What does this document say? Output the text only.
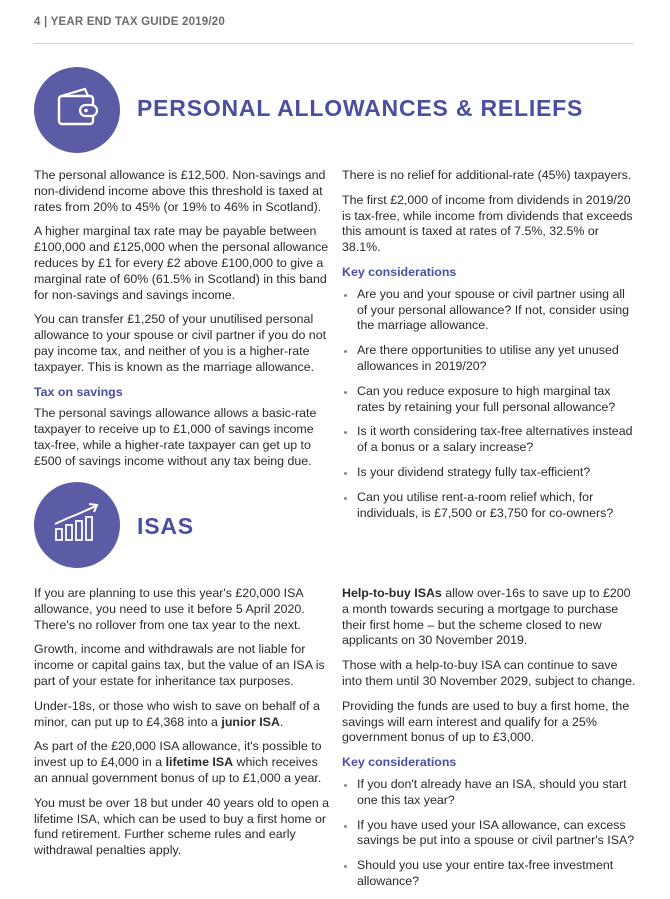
4 | YEAR END TAX GUIDE 2019/20
PERSONAL ALLOWANCES & RELIEFS

The personal allowance is £12,500. Non-savings and non-dividend income above this threshold is taxed at rates from 20% to 45% (or 19% to 46% in Scotland).

A higher marginal tax rate may be payable between £100,000 and £125,000 when the personal allowance reduces by £1 for every £2 above £100,000 to give a marginal rate of 60% (61.5% in Scotland) in this band for non-savings and savings income.

You can transfer £1,250 of your unutilised personal allowance to your spouse or civil partner if you do not pay income tax, and neither of you is a higher-rate taxpayer. This is known as the marriage allowance.

Tax on savings

The personal savings allowance allows a basic-rate taxpayer to receive up to £1,000 of savings income tax-free, while a higher-rate taxpayer can get up to £500 of savings income without any tax being due.

There is no relief for additional-rate (45%) taxpayers.

The first £2,000 of income from dividends in 2019/20 is tax-free, while income from dividends that exceeds this amount is taxed at rates of 7.5%, 32.5% or 38.1%.

Key considerations
Are you and your spouse or civil partner using all of your personal allowance? If not, consider using the marriage allowance.
Are there opportunities to utilise any yet unused allowances in 2019/20?
Can you reduce exposure to high marginal tax rates by retaining your full personal allowance?
Is it worth considering tax-free alternatives instead of a bonus or a salary increase?
Is your dividend strategy fully tax-efficient?
Can you utilise rent-a-room relief which, for individuals, is £7,500 or £3,750 for co-owners?
ISAS

If you are planning to use this year's £20,000 ISA allowance, you need to use it before 5 April 2020. There's no rollover from one tax year to the next.

Growth, income and withdrawals are not liable for income or capital gains tax, but the value of an ISA is part of your estate for inheritance tax purposes.

Under-18s, or those who wish to save on behalf of a minor, can put up to £4,368 into a junior ISA.

As part of the £20,000 ISA allowance, it's possible to invest up to £4,000 in a lifetime ISA which receives an annual government bonus of up to £1,000 a year.

You must be over 18 but under 40 years old to open a lifetime ISA, which can be used to buy a first home or fund retirement. Further scheme rules and early withdrawal penalties apply.

Help-to-buy ISAs allow over-16s to save up to £200 a month towards securing a mortgage to purchase their first home – but the scheme closed to new applicants on 30 November 2019.

Those with a help-to-buy ISA can continue to save into them until 30 November 2029, subject to change.

Providing the funds are used to buy a first home, the savings will earn interest and qualify for a 25% government bonus of up to £3,000.

Key considerations
If you don't already have an ISA, should you start one this tax year?
If you have used your ISA allowance, can excess savings be put into a spouse or civil partner's ISA?
Should you use your entire tax-free investment allowance?
